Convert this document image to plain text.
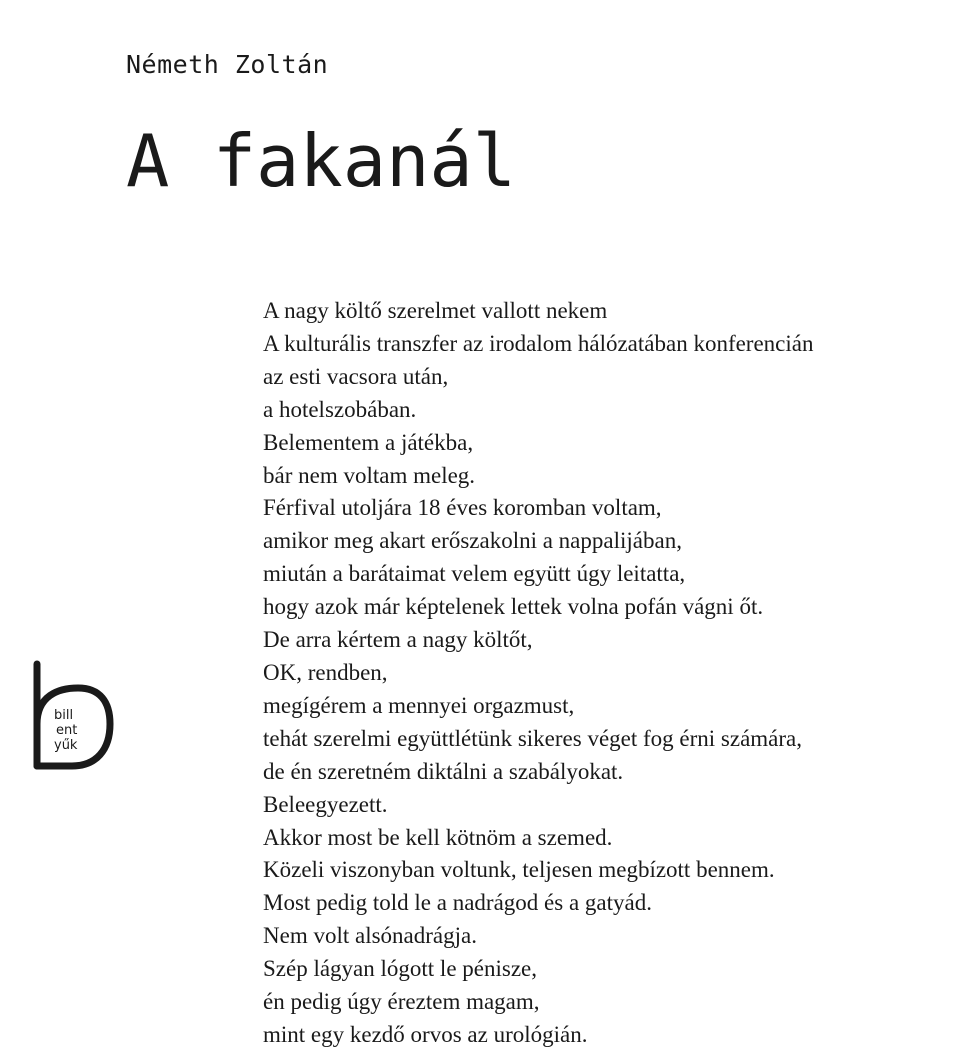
Németh Zoltán

A fakanál
A nagy költő szerelmet vallott nekem
A kulturális transzfer az irodalom hálózatában konferencián
az esti vacsora után,
a hotelszobában.
Belementem a játékba,
bár nem voltam meleg.
Férfival utoljára 18 éves koromban voltam,
amikor meg akart erőszakolni a nappalijában,
miután a barátaimat velem együtt úgy leitatta,
hogy azok már képtelenek lettek volna pofán vágni őt.
De arra kértem a nagy költőt,
OK, rendben,
megígérem a mennyei orgazmust,
tehát szerelmi együttlétünk sikeres véget fog érni számára,
de én szeretném diktálni a szabályokat.
Beleegyezett.
Akkor most be kell kötnöm a szemed.
Közeli viszonyban voltunk, teljesen megbízott bennem.
Most pedig told le a nadrágod és a gatyád.
Nem volt alsónadrágja.
Szép lágyan lógott le pénisze,
én pedig úgy éreztem magam,
mint egy kezdő orvos az urológián.
bill
ent
yűk
